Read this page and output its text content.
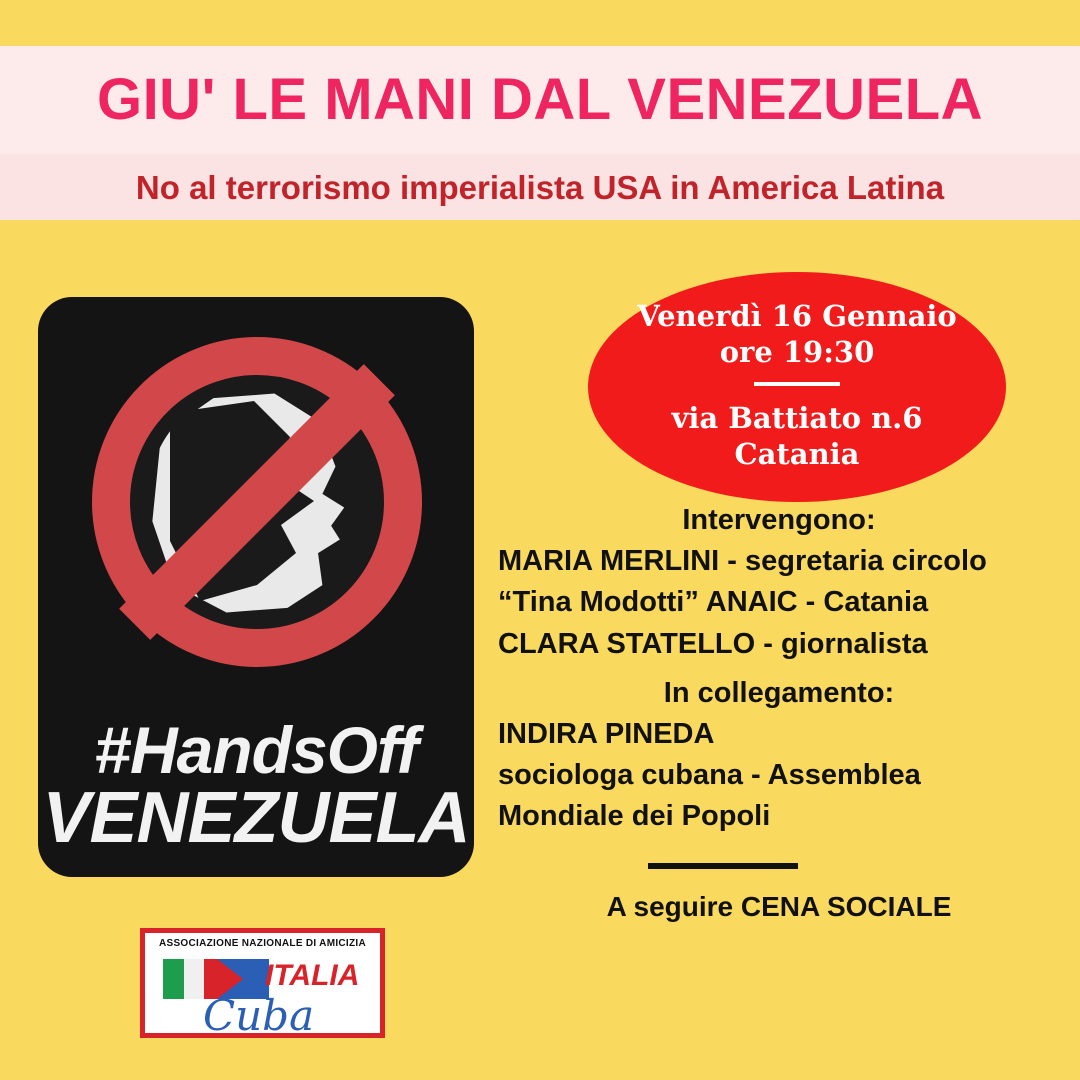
GIU' LE MANI DAL VENEZUELA
No al terrorismo imperialista USA in America Latina
#HandsOff
VENEZUELA
ASSOCIAZIONE NAZIONALE DI AMICIZIA
ITALIA
Cuba
Venerdì 16 Gennaio
ore 19:30
via Battiato n.6
Catania
Intervengono:
MARIA MERLINI - segretaria circolo
“Tina Modotti” ANAIC - Catania
CLARA STATELLO - giornalista
In collegamento:
INDIRA PINEDA
sociologa cubana - Assemblea
Mondiale dei Popoli
A seguire CENA SOCIALE
